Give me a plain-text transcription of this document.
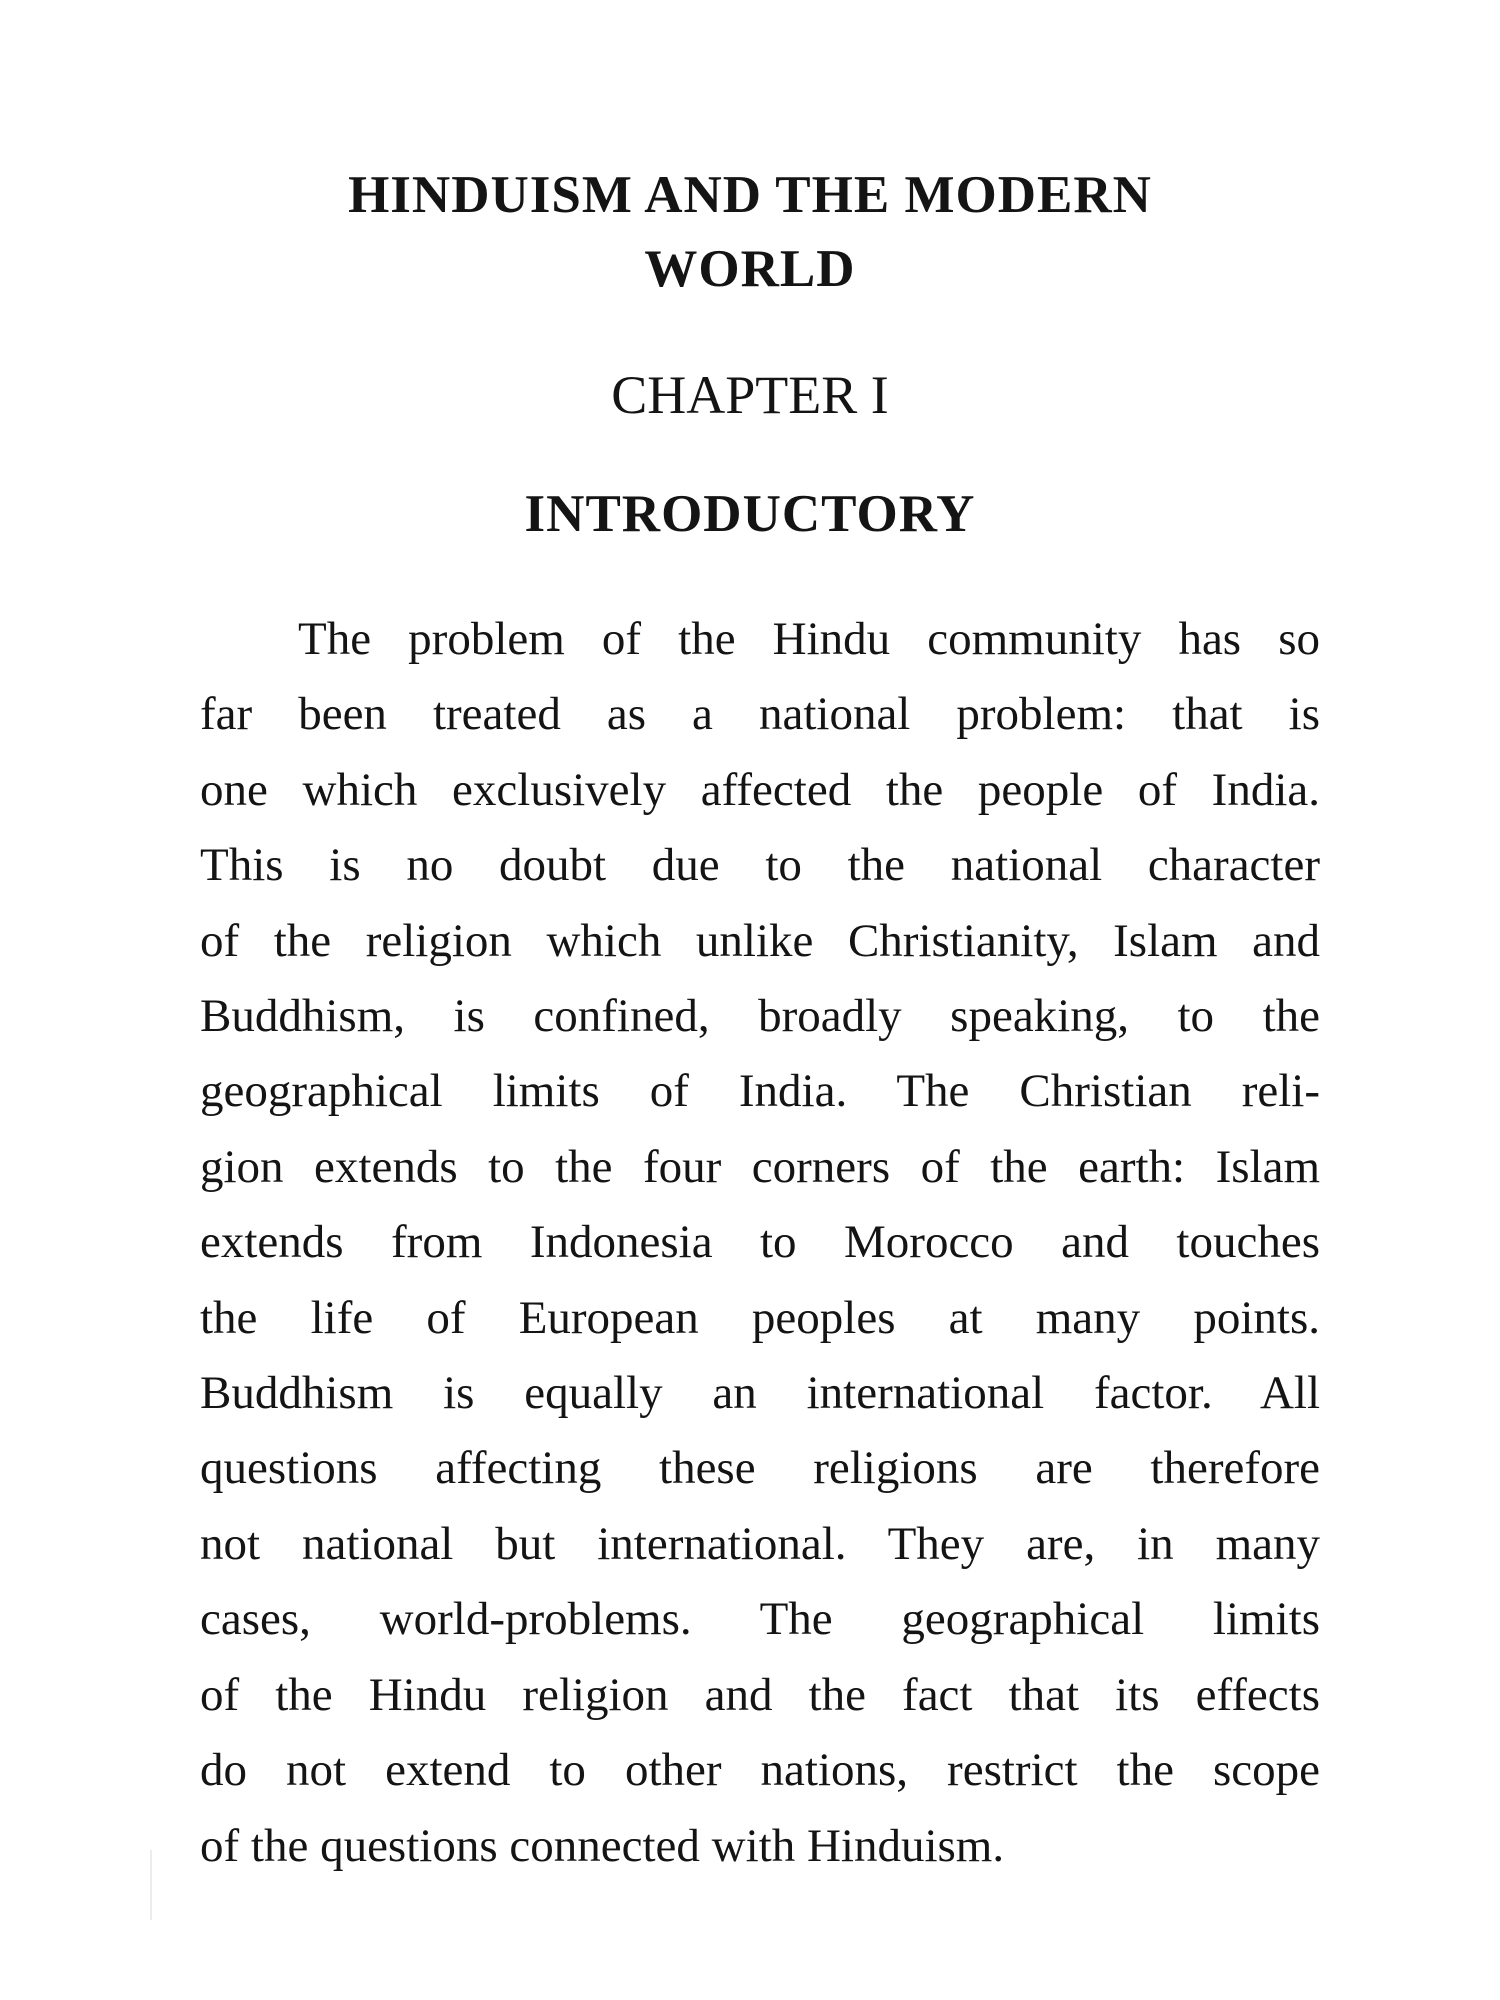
HINDUISM AND THE MODERN
WORLD
CHAPTER I
INTRODUCTORY

The problem of the Hindu community has so
far been treated as a national problem: that is
one which exclusively affected the people of India.
This is no doubt due to the national character
of the religion which unlike Christianity, Islam and
Buddhism, is confined, broadly speaking, to the
geographical limits of India. The Christian reli-
gion extends to the four corners of the earth: Islam
extends from Indonesia to Morocco and touches
the life of European peoples at many points.
Buddhism is equally an international factor. All
questions affecting these religions are therefore
not national but international. They are, in many
cases, world-problems. The geographical limits
of the Hindu religion and the fact that its effects
do not extend to other nations, restrict the scope
of the questions connected with Hinduism.
